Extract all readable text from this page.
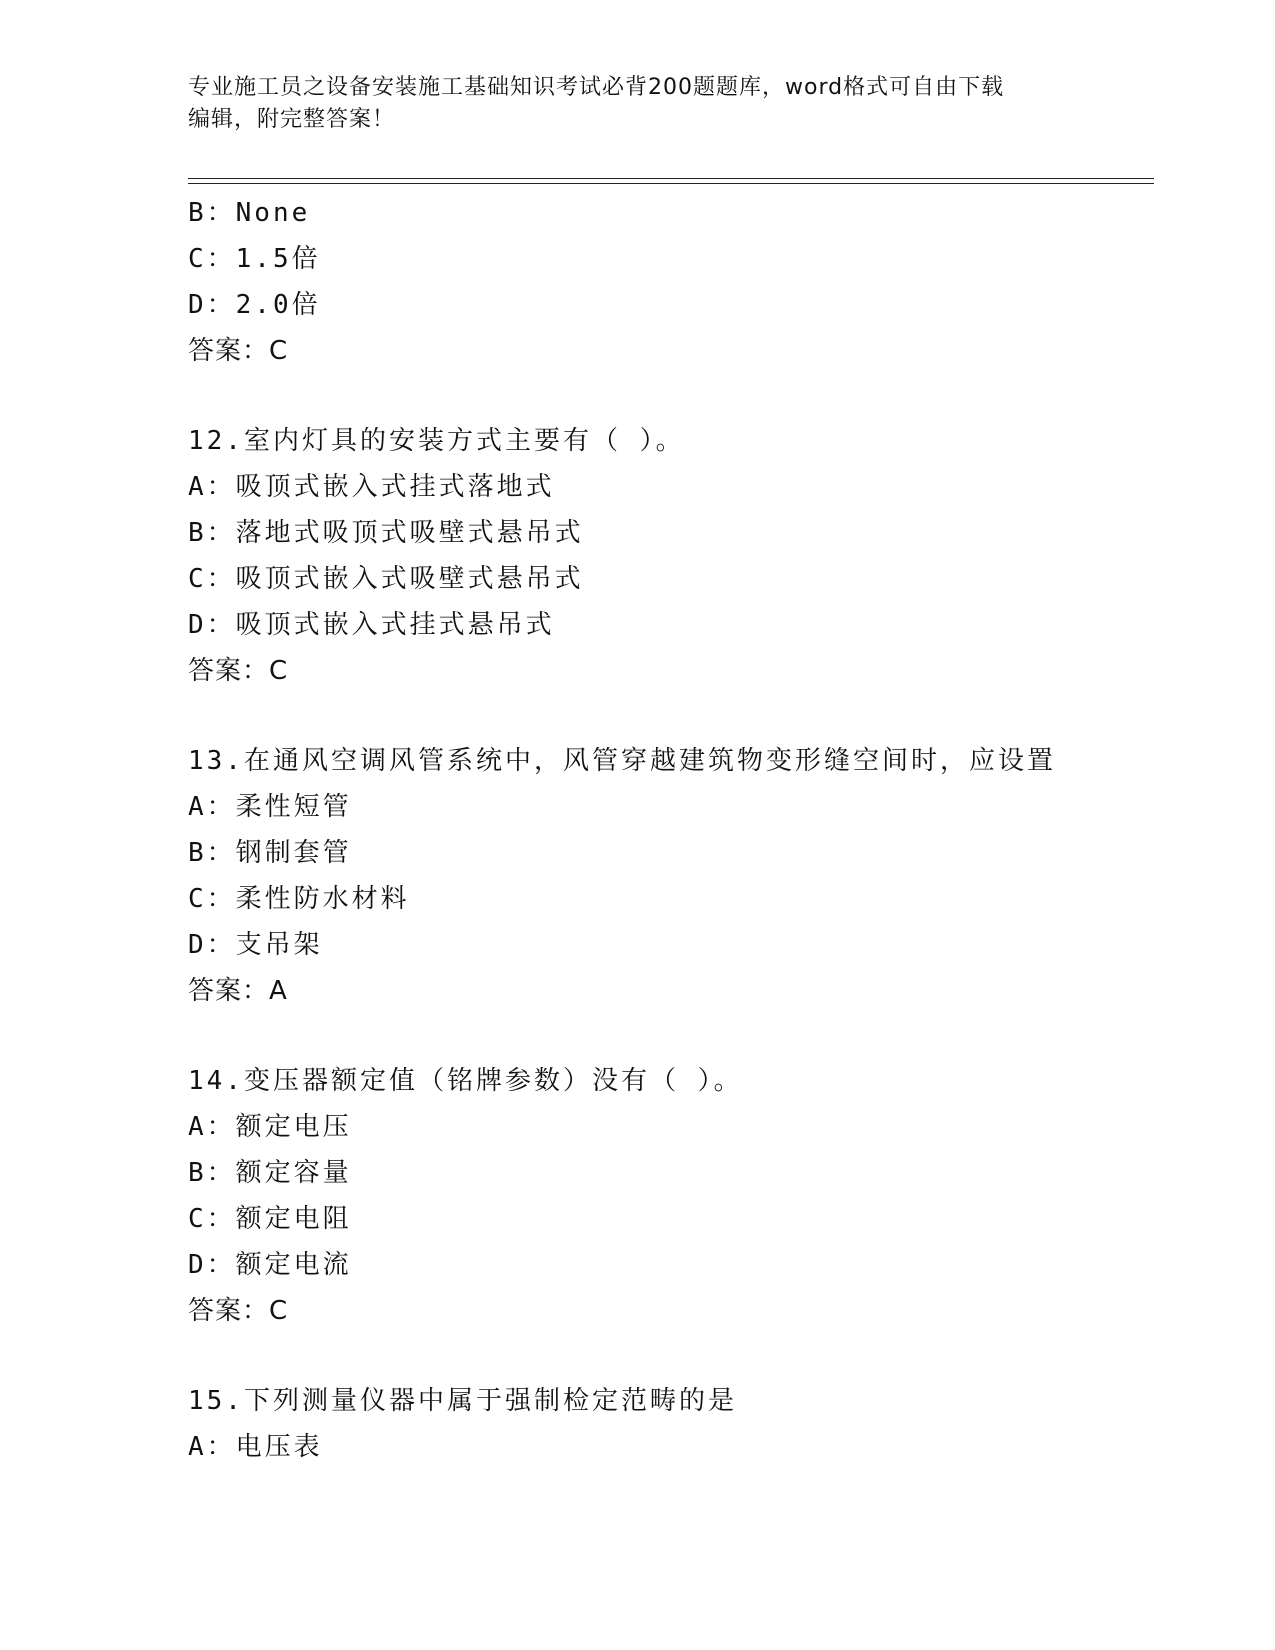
专业施工员之设备安装施工基础知识考试必背200题题库，word格式可自由下载
编辑，附完整答案！
B：None
C：1.5倍
D：2.0倍
答案：C
12.室内灯具的安装方式主要有（ ）。
A：吸顶式嵌入式挂式落地式
B：落地式吸顶式吸壁式悬吊式
C：吸顶式嵌入式吸壁式悬吊式
D：吸顶式嵌入式挂式悬吊式
答案：C
13.在通风空调风管系统中，风管穿越建筑物变形缝空间时，应设置
A：柔性短管
B：钢制套管
C：柔性防水材料
D：支吊架
答案：A
14.变压器额定值（铭牌参数）没有（ ）。
A：额定电压
B：额定容量
C：额定电阻
D：额定电流
答案：C
15.下列测量仪器中属于强制检定范畴的是
A：电压表
